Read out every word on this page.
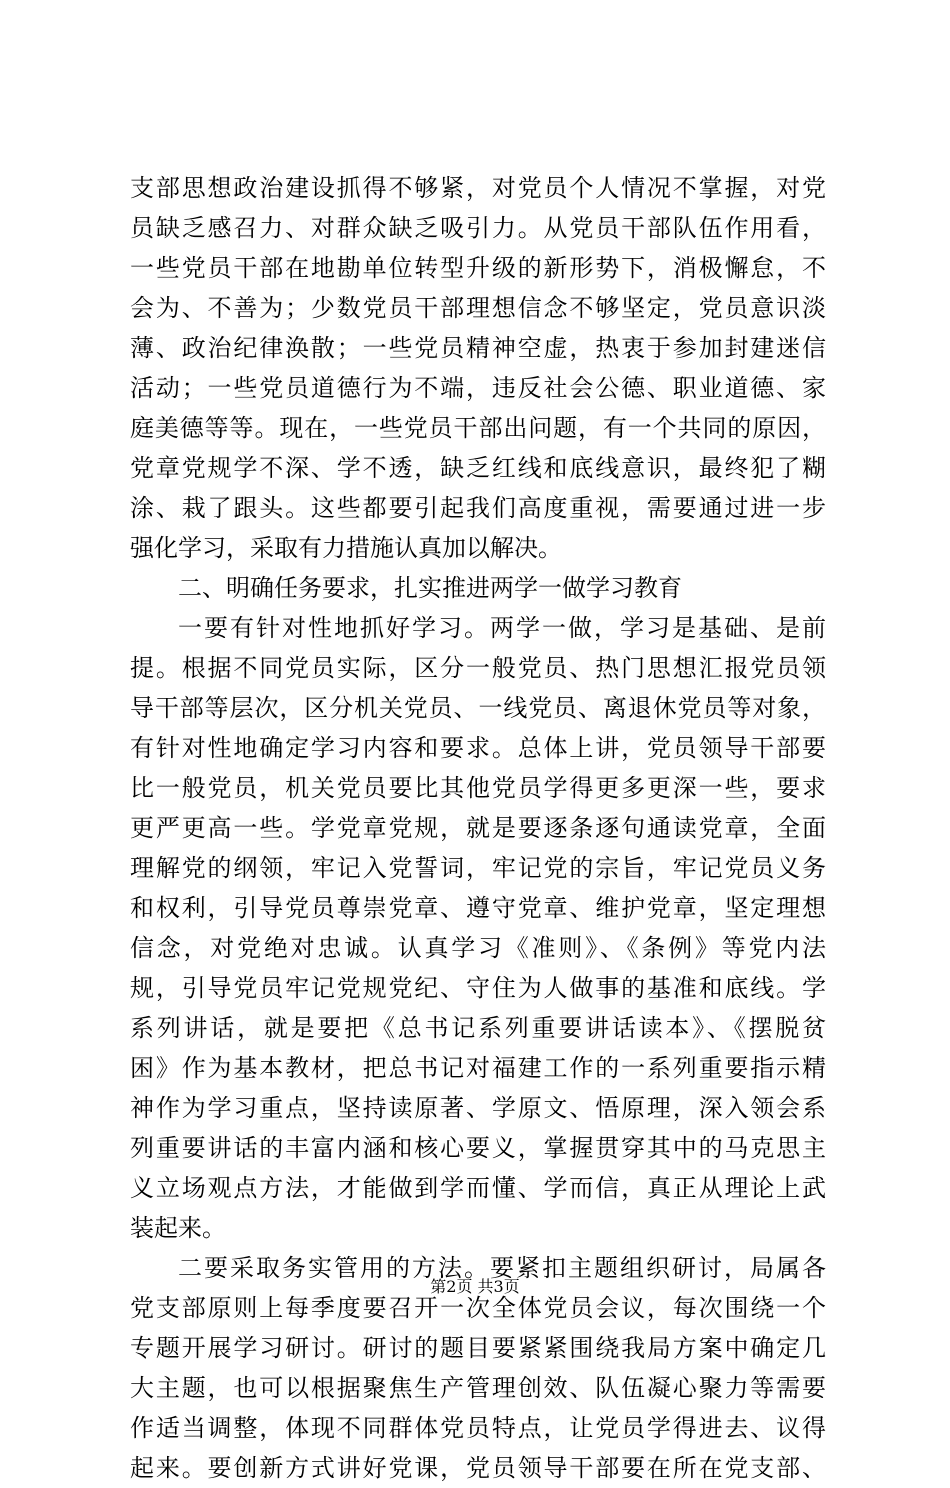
支部思想政治建设抓得不够紧，对党员个人情况不掌握，对党
员缺乏感召力、对群众缺乏吸引力。从党员干部队伍作用看，
一些党员干部在地勘单位转型升级的新形势下，消极懈怠，不
会为、不善为；少数党员干部理想信念不够坚定，党员意识淡
薄、政治纪律涣散；一些党员精神空虚，热衷于参加封建迷信
活动；一些党员道德行为不端，违反社会公德、职业道德、家
庭美德等等。现在，一些党员干部出问题，有一个共同的原因，
党章党规学不深、学不透，缺乏红线和底线意识，最终犯了糊
涂、栽了跟头。这些都要引起我们高度重视，需要通过进一步
强化学习，采取有力措施认真加以解决。
二、明确任务要求，扎实推进两学一做学习教育
一要有针对性地抓好学习。两学一做，学习是基础、是前
提。根据不同党员实际，区分一般党员、热门思想汇报党员领
导干部等层次，区分机关党员、一线党员、离退休党员等对象，
有针对性地确定学习内容和要求。总体上讲，党员领导干部要
比一般党员，机关党员要比其他党员学得更多更深一些，要求
更严更高一些。学党章党规，就是要逐条逐句通读党章，全面
理解党的纲领，牢记入党誓词，牢记党的宗旨，牢记党员义务
和权利，引导党员尊崇党章、遵守党章、维护党章，坚定理想
信念，对党绝对忠诚。认真学习《准则》、《条例》等党内法
规，引导党员牢记党规党纪、守住为人做事的基准和底线。学
系列讲话，就是要把《总书记系列重要讲话读本》、《摆脱贫
困》作为基本教材，把总书记对福建工作的一系列重要指示精
神作为学习重点，坚持读原著、学原文、悟原理，深入领会系
列重要讲话的丰富内涵和核心要义，掌握贯穿其中的马克思主
义立场观点方法，才能做到学而懂、学而信，真正从理论上武
装起来。
二要采取务实管用的方法。要紧扣主题组织研讨，局属各
党支部原则上每季度要召开一次全体党员会议，每次围绕一个
专题开展学习研讨。研讨的题目要紧紧围绕我局方案中确定几
大主题，也可以根据聚焦生产管理创效、队伍凝心聚力等需要
作适当调整，体现不同群体党员特点，让党员学得进去、议得
起来。要创新方式讲好党课，党员领导干部要在所在党支部、
第2页 共3页
